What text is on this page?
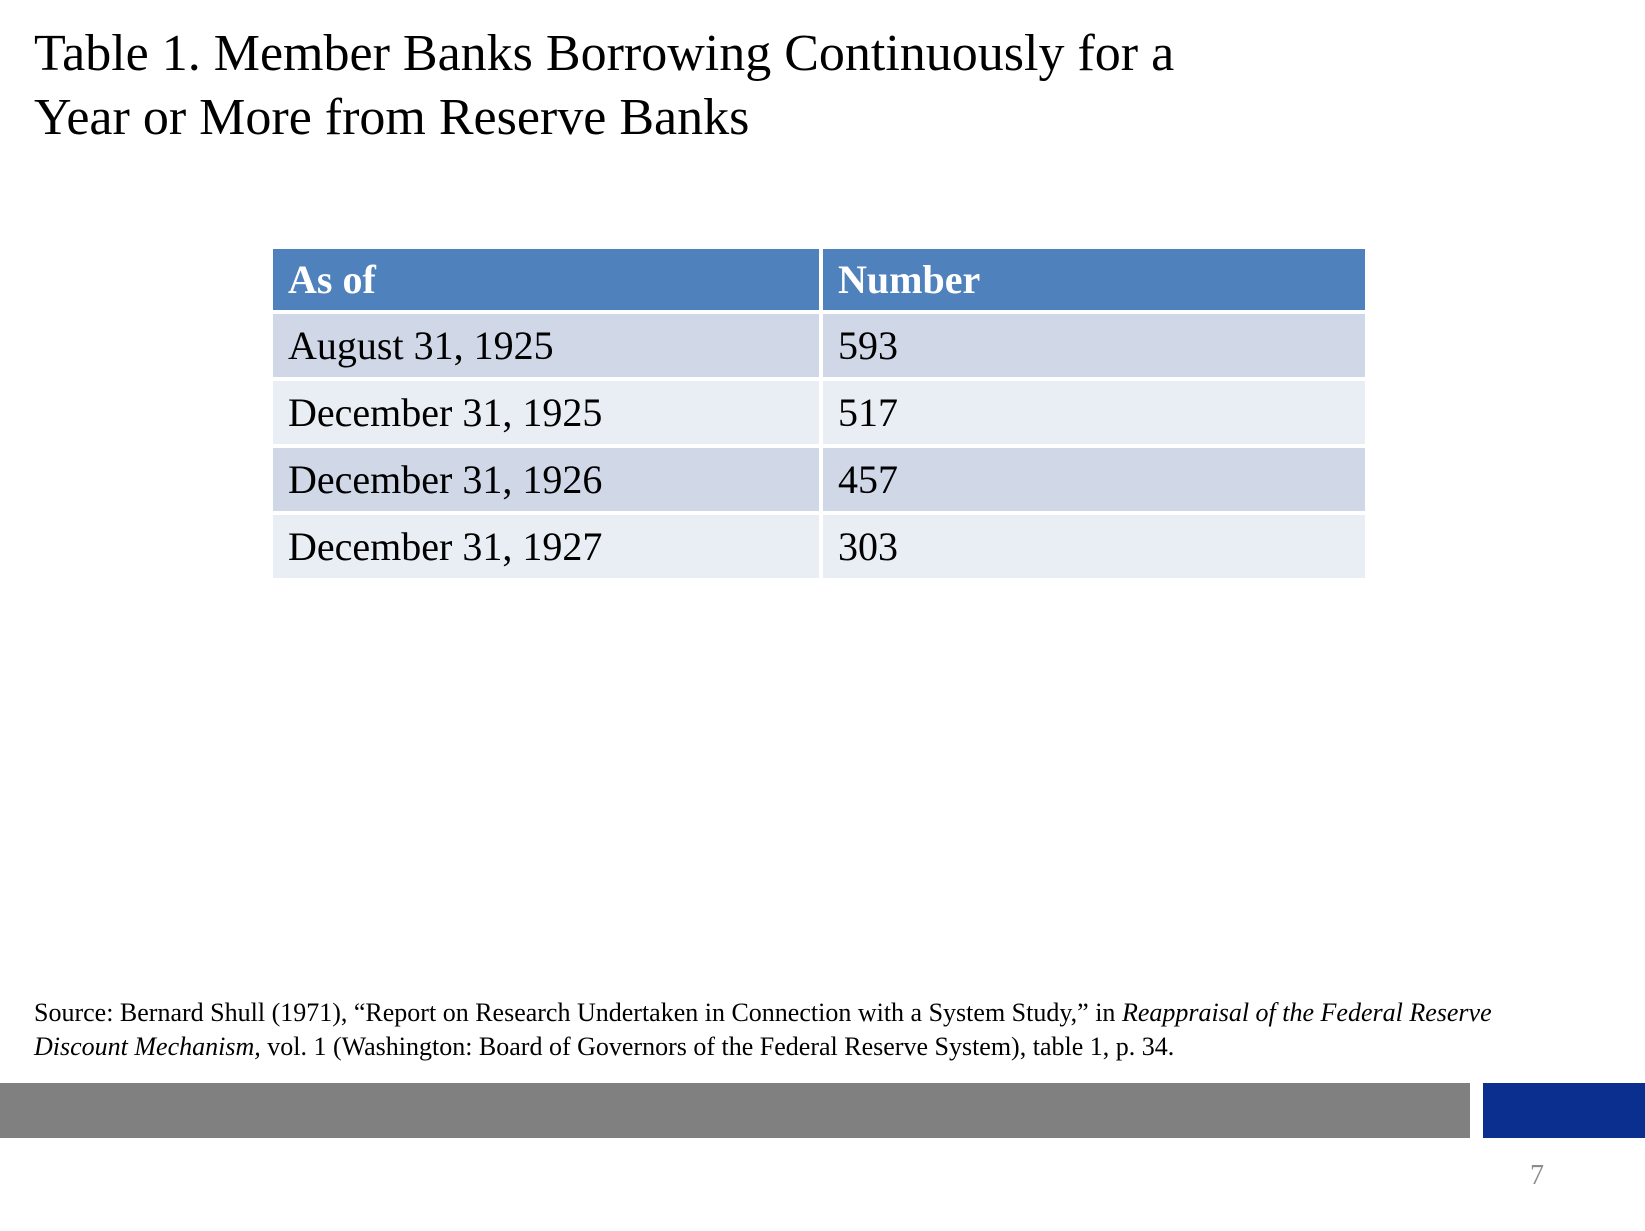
Table 1. Member Banks Borrowing Continuously for a
Year or More from Reserve Banks
As of	Number
August 31, 1925	593
December 31, 1925	517
December 31, 1926	457
December 31, 1927	303

Source: Bernard Shull (1971), “Report on Research Undertaken in Connection with a System Study,” in Reappraisal of the Federal Reserve Discount Mechanism, vol. 1 (Washington: Board of Governors of the Federal Reserve System), table 1, p. 34.

7
